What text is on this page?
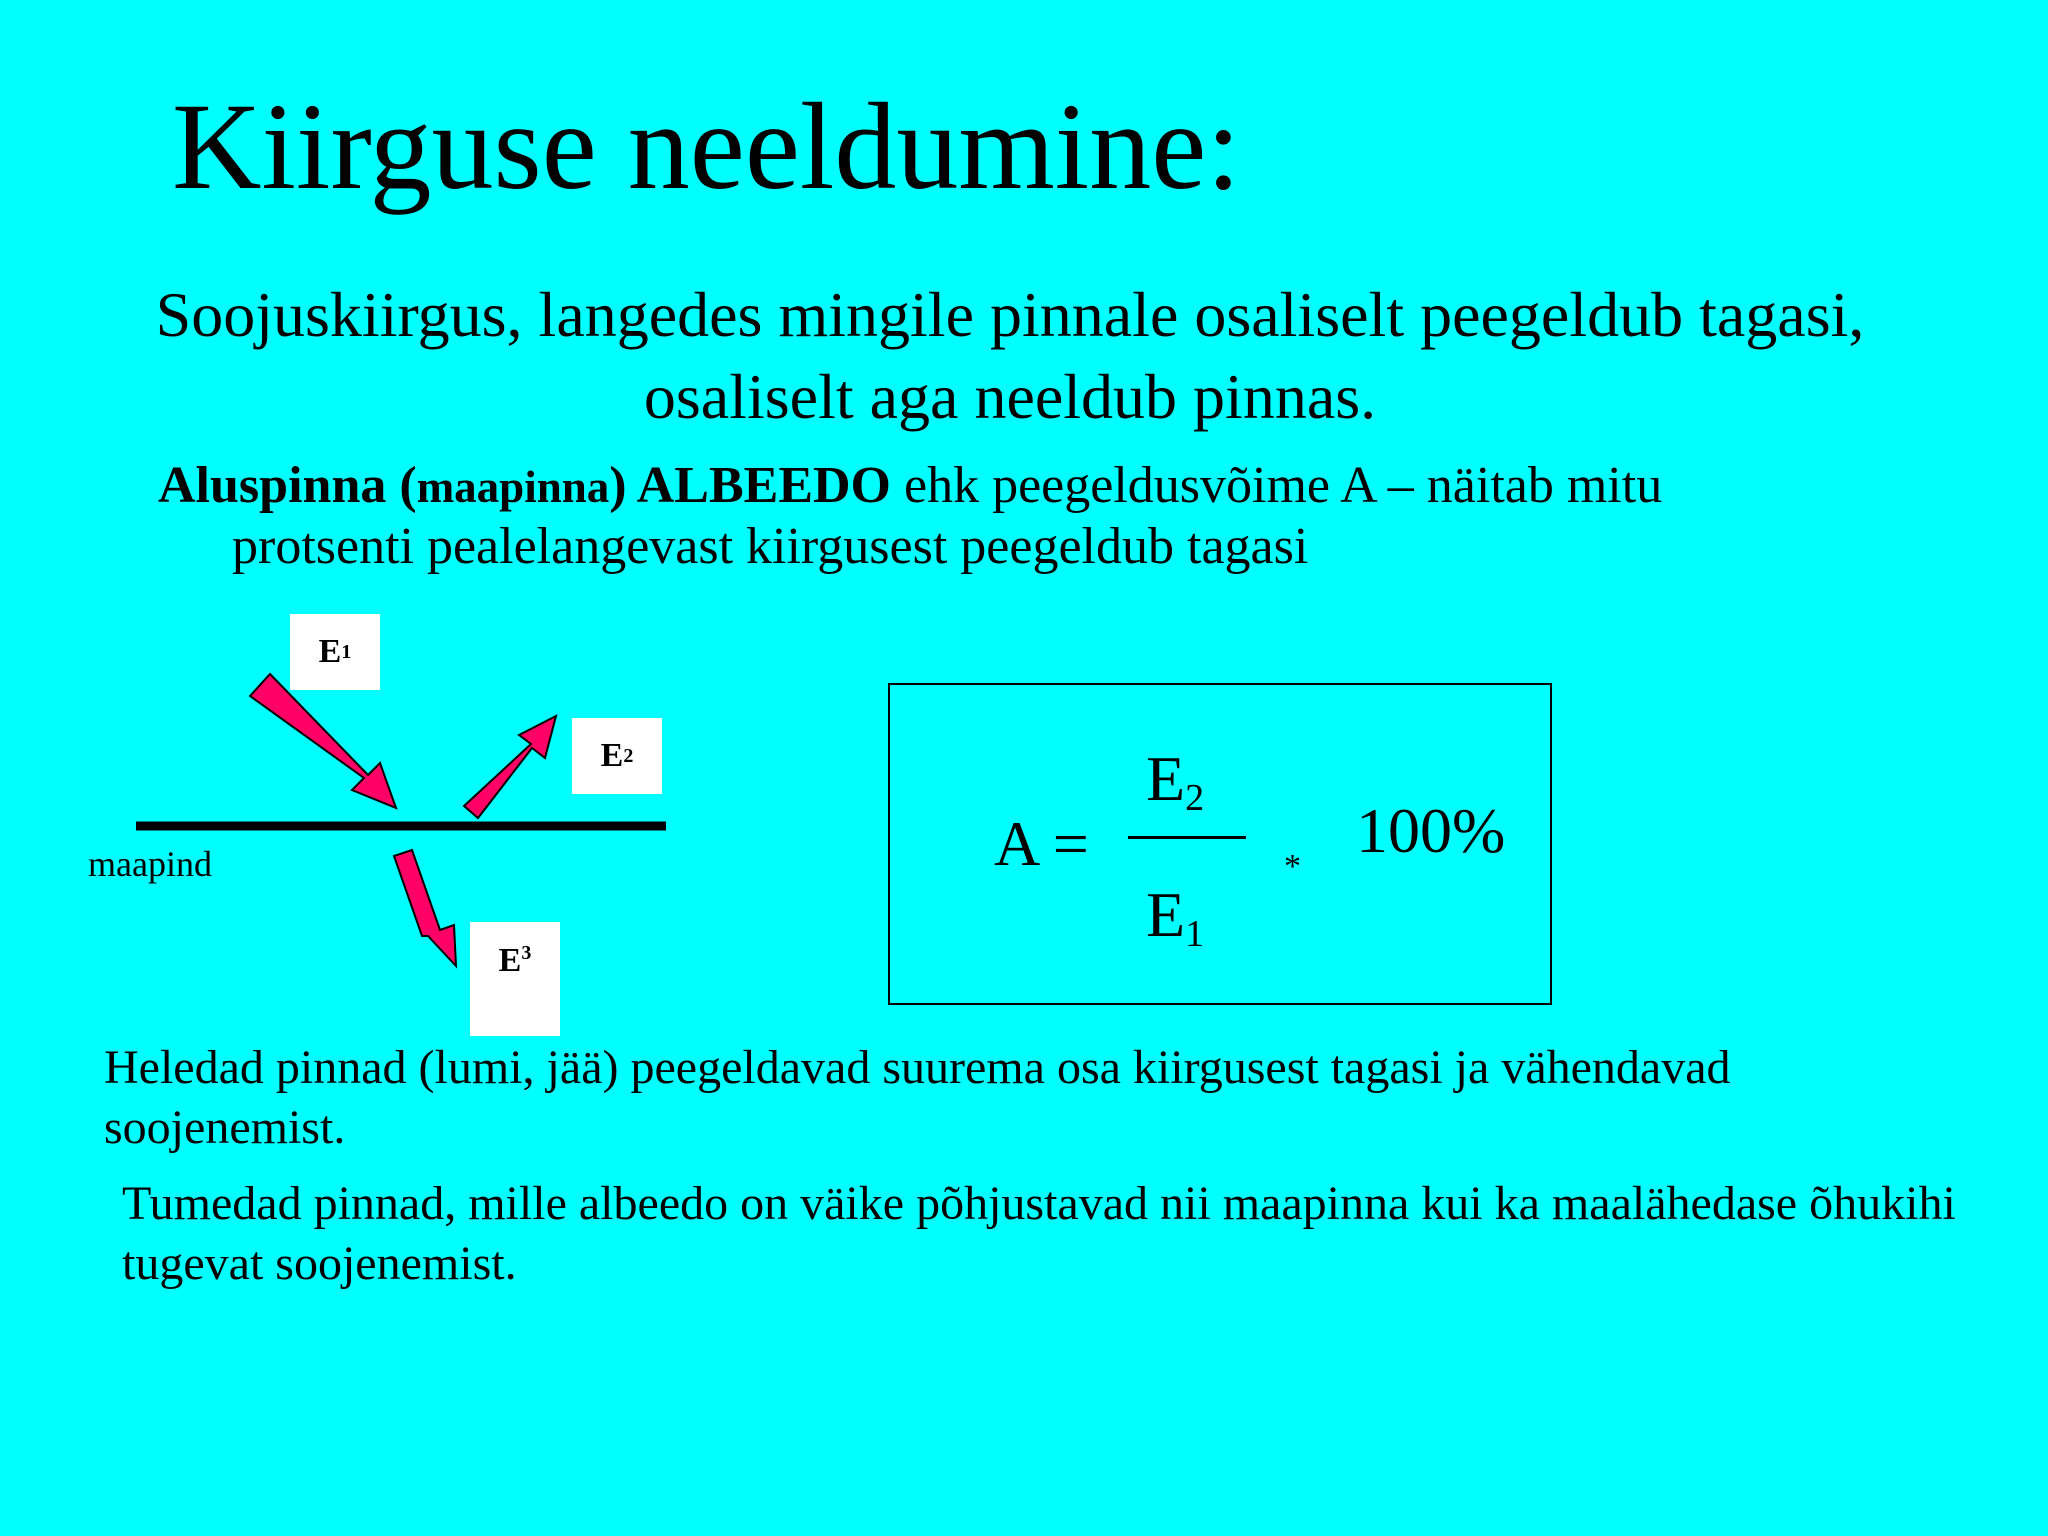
Kiirguse neeldumine:
Soojuskiirgus, langedes mingile pinnale osaliselt peegeldub tagasi, osaliselt aga neeldub pinnas.
Aluspinna (maapinna) ALBEEDO ehk peegeldusvõime A – näitab mitu
protsenti pealelangevast kiirgusest peegeldub tagasi
E 1
E 2
$E^3$
maapind	A =
$E_2$
$E_1$
*
100%
Heledad pinnad (lumi, jää) peegeldavad suurema osa kiirgusest tagasi ja vähendavad soojenemist.
Tumedad pinnad, mille albeedo on väike põhjustavad nii maapinna kui ka maalähedase õhukihi tugevat soojenemist.
